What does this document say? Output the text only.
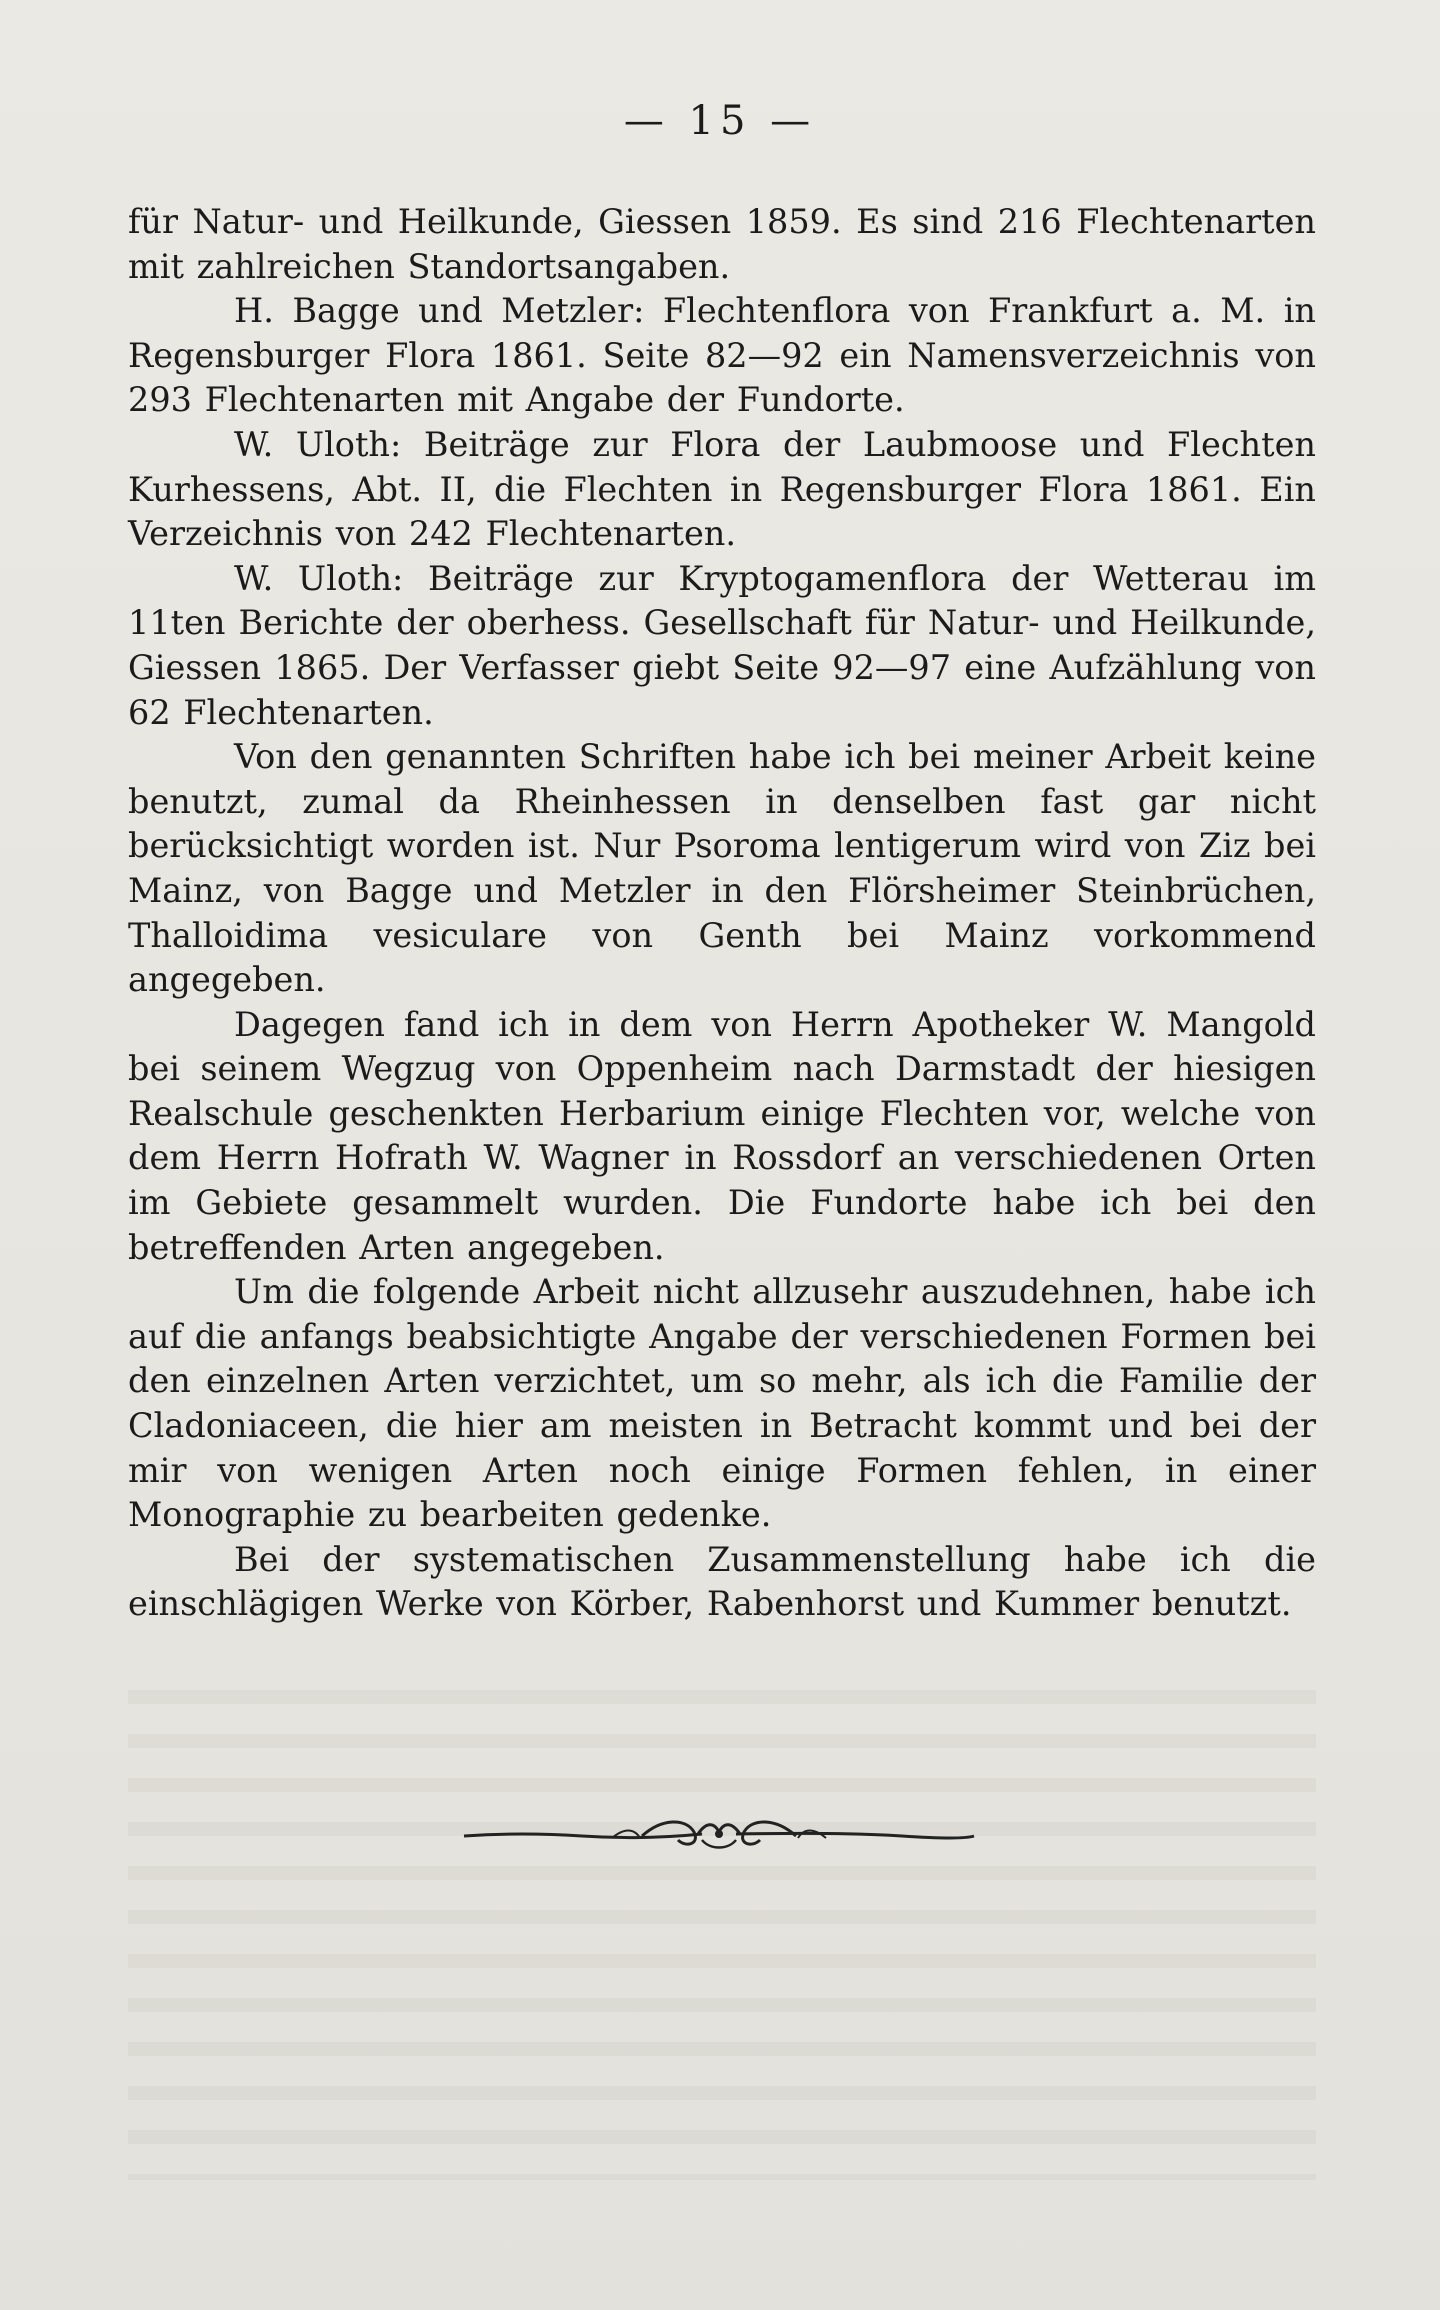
— 15 —

für Natur- und Heilkunde, Giessen 1859. Es sind 216 Flechtenarten mit zahlreichen Standortsangaben.

H. Bagge und Metzler: Flechtenflora von Frankfurt a. M. in Regensburger Flora 1861. Seite 82—92 ein Namensverzeichnis von 293 Flechtenarten mit Angabe der Fundorte.

W. Uloth: Beiträge zur Flora der Laubmoose und Flechten Kurhessens, Abt. II, die Flechten in Regensburger Flora 1861. Ein Verzeichnis von 242 Flechtenarten.

W. Uloth: Beiträge zur Kryptogamenflora der Wetterau im 11ten Berichte der oberhess. Gesellschaft für Natur- und Heilkunde, Giessen 1865. Der Verfasser giebt Seite 92—97 eine Aufzählung von 62 Flechtenarten.

Von den genannten Schriften habe ich bei meiner Arbeit keine benutzt, zumal da Rheinhessen in denselben fast gar nicht berücksichtigt worden ist. Nur Psoroma lentigerum wird von Ziz bei Mainz, von Bagge und Metzler in den Flörsheimer Steinbrüchen, Thalloidima vesiculare von Genth bei Mainz vorkommend angegeben.

Dagegen fand ich in dem von Herrn Apotheker W. Mangold bei seinem Wegzug von Oppenheim nach Darmstadt der hiesigen Realschule geschenkten Herbarium einige Flechten vor, welche von dem Herrn Hofrath W. Wagner in Rossdorf an verschiedenen Orten im Gebiete gesammelt wurden. Die Fundorte habe ich bei den betreffenden Arten angegeben.

Um die folgende Arbeit nicht allzusehr auszudehnen, habe ich auf die anfangs beabsichtigte Angabe der verschiedenen Formen bei den einzelnen Arten verzichtet, um so mehr, als ich die Familie der Cladoniaceen, die hier am meisten in Betracht kommt und bei der mir von wenigen Arten noch einige Formen fehlen, in einer Monographie zu bearbeiten gedenke.

Bei der systematischen Zusammenstellung habe ich die einschlägigen Werke von Körber, Rabenhorst und Kummer benutzt.
